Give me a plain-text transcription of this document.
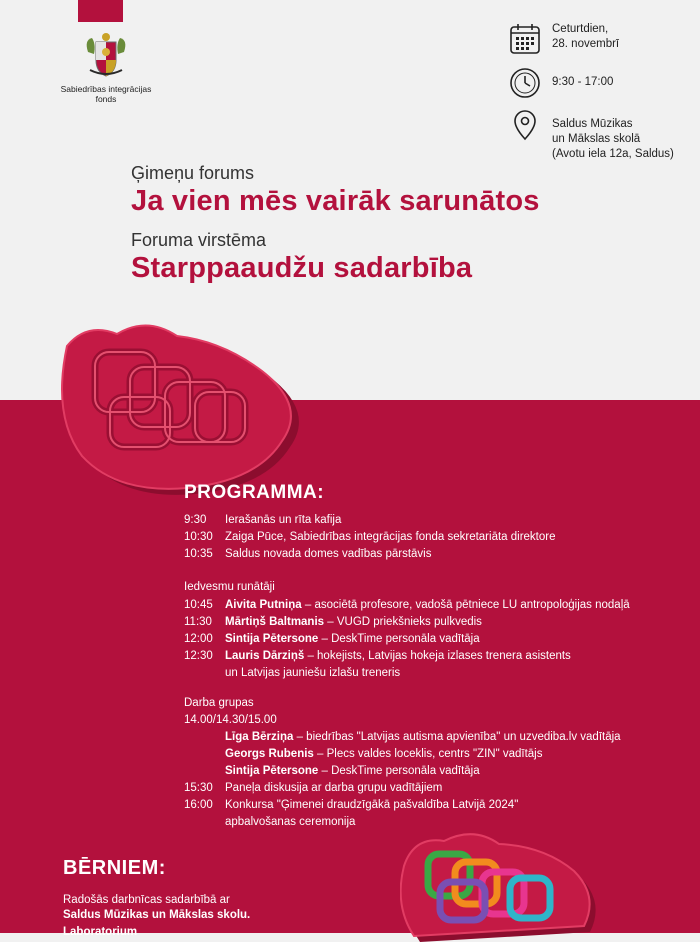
Sabiedrības integrācijas
fonds
Ceturtdien,
28. novembrī
9:30 - 17:00
Saldus Mūzikas
un Mākslas skolā
(Avotu iela 12a, Saldus)
Ģimeņu forums
Ja vien mēs vairāk sarunātos
Foruma virstēma
Starppaaudžu sadarbība
PROGRAMMA:
9:30 Ierašanās un rīta kafija
10:30 Zaiga Pūce, Sabiedrības integrācijas fonda sekretariāta direktore
10:35 Saldus novada domes vadības pārstāvis
Iedvesmu runātāji
10:45 Aivita Putniņa – asociētā profesore, vadošā pētniece LU antropoloģijas nodaļā
11:30 Mārtiņš Baltmanis – VUGD priekšnieks pulkvedis
12:00 Sintija Pētersone – DeskTime personāla vadītāja
12:30 Lauris Dārziņš – hokejists, Latvijas hokeja izlases trenera asistents
un Latvijas jauniešu izlašu treneris
Darba grupas
14.00/14.30/15.00
Līga Bērziņa – biedrības "Latvijas autisma apvienība" un uzvediba.lv vadītāja
Georgs Rubenis – Plecs valdes loceklis, centrs "ZIN" vadītājs
Sintija Pētersone – DeskTime personāla vadītāja
15:30 Paneļa diskusija ar darba grupu vadītājiem
16:00 Konkursa "Ģimenei draudzīgākā pašvaldība Latvijā 2024"
apbalvošanas ceremonija
BĒRNIEM:
Radošās darbnīcas sadarbībā ar
Saldus Mūzikas un Mākslas skolu.
Laboratorium
